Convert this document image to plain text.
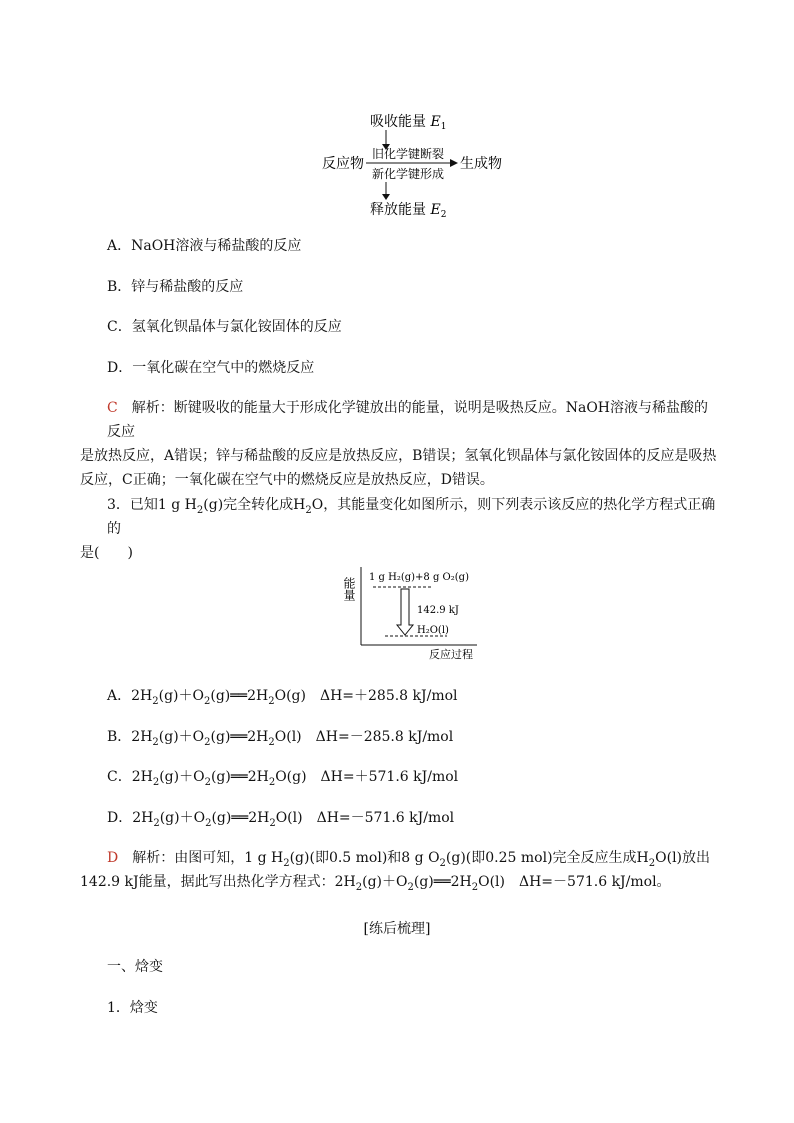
吸收能量 $E_1$
反应物
旧化学键断裂
生成物
新化学键形成
释放能量 $E_2$
A．NaOH溶液与稀盐酸的反应
B．锌与稀盐酸的反应
C．氢氧化钡晶体与氯化铵固体的反应
D．一氧化碳在空气中的燃烧反应
C　 解析：断键吸收的能量大于形成化学键放出的能量，说明是吸热反应。NaOH溶液与稀盐酸的反应
是放热反应，A错误；锌与稀盐酸的反应是放热反应，B错误；氢氧化钡晶体与氯化铵固体的反应是吸热
反应，C正确；一氧化碳在空气中的燃烧反应是放热反应，D错误。
3．已知1 g $H_2(g)$完全转化成$H_2O$，其能量变化如图所示，则下列表示该反应的热化学方程式正确的
是(　　)
能量 1 g H₂(g)+8 g O₂(g)
142.9 kJ
H₂O(l)
反应过程
A．$2H_2(g)+O_2(g)══2H_2O(g)$　ΔH=＋285.8 kJ/mol
B．$2H_2(g)+O_2(g)══2H_2O(l)$　ΔH=－285.8 kJ/mol
C．$2H_2(g)+O_2(g)══2H_2O(g)$　ΔH=＋571.6 kJ/mol
D．$2H_2(g)+O_2(g)══2H_2O(l)$　ΔH=－571.6 kJ/mol
D　 解析：由图可知，1 g $H_2(g)$(即0.5 mol)和8 g $O_2(g)$(即0.25 mol)完全反应生成$H_2O(l)$放出
142.9 kJ能量，据此写出热化学方程式：$2H_2(g)+O_2(g)══2H_2O(l)$　ΔH=－571.6 kJ/mol。
[练后梳理]
一、焓变
1．焓变
